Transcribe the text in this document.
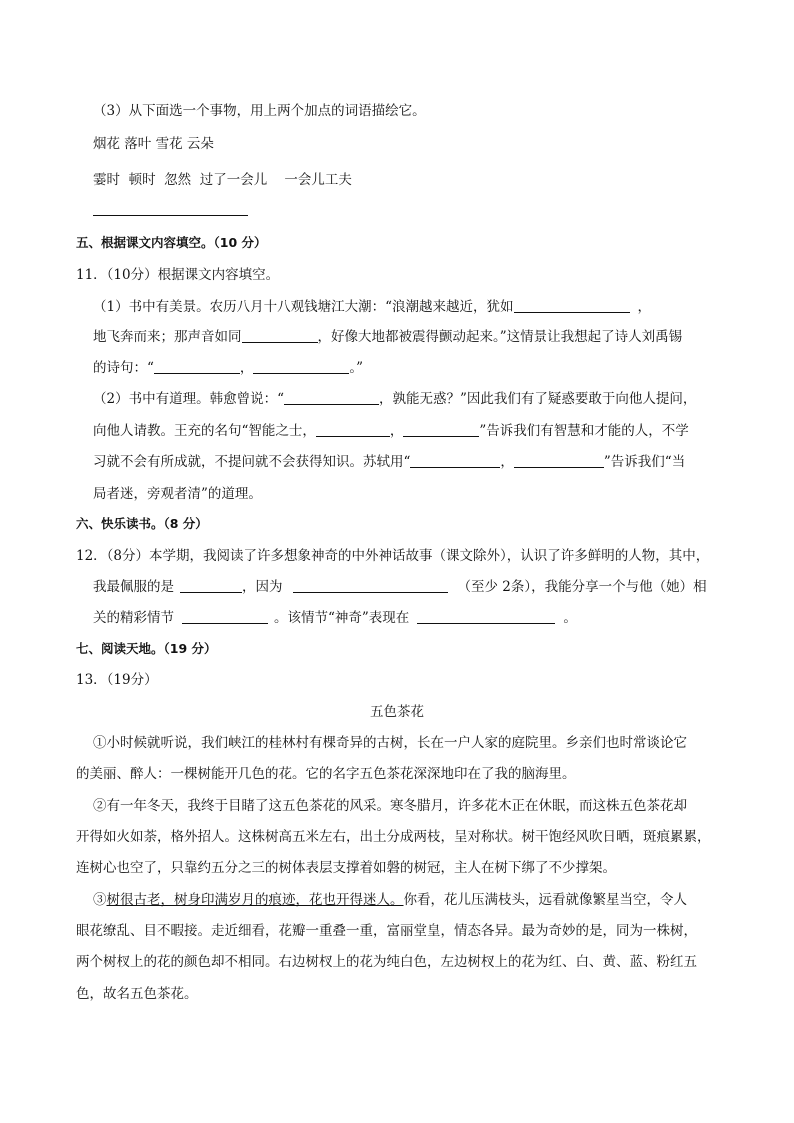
（3）从下面选一个事物，用上两个加点的词语描绘它。
烟花 落叶 雪花 云朵
霎时  顿时  忽然  过了一会儿    一会儿工夫
五、根据课文内容填空。（10 分）
11．（10分）根据课文内容填空。
（1）书中有美景。农历八月十八观钱塘江大潮：“浪潮越来越近，犹如	，
地飞奔而来；那声音如同	，好像大地都被震得颤动起来。”这情景让我想起了诗人刘禹锡
的诗句：“	，	。”
（2）书中有道理。韩愈曾说：“	，孰能无惑？”因此我们有了疑惑要敢于向他人提问，
向他人请教。王充的名句“智能之士，	，	”告诉我们有智慧和才能的人，不学
习就不会有所成就，不提问就不会获得知识。苏轼用“	，	”告诉我们“当
局者迷，旁观者清”的道理。
六、快乐读书。（8 分）
12．（8分）本学期，我阅读了许多想象神奇的中外神话故事（课文除外），认识了许多鲜明的人物，其中，
我最佩服的是	，因为	（至少 2条），我能分享一个与他（她）相
关的精彩情节	。该情节“神奇”表现在	。
七、阅读天地。（19 分）
13．（19分）
五色茶花
①小时候就听说，我们峡江的桂林村有棵奇异的古树，长在一户人家的庭院里。乡亲们也时常谈论它
的美丽、醉人：一棵树能开几色的花。它的名字五色茶花深深地印在了我的脑海里。
②有一年冬天，我终于目睹了这五色茶花的风采。寒冬腊月，许多花木正在休眠，而这株五色茶花却
开得如火如荼，格外招人。这株树高五米左右，出土分成两枝，呈对称状。树干饱经风吹日晒，斑痕累累，
连树心也空了，只靠约五分之三的树体表层支撑着如磐的树冠，主人在树下绑了不少撑架。
③树很古老，树身印满岁月的痕迹，花也开得迷人。你看，花儿压满枝头，远看就像繁星当空，令人
眼花缭乱、目不暇接。走近细看，花瓣一重叠一重，富丽堂皇，情态各异。最为奇妙的是，同为一株树，
两个树杈上的花的颜色却不相同。右边树杈上的花为纯白色，左边树杈上的花为红、白、黄、蓝、粉红五
色，故名五色茶花。
